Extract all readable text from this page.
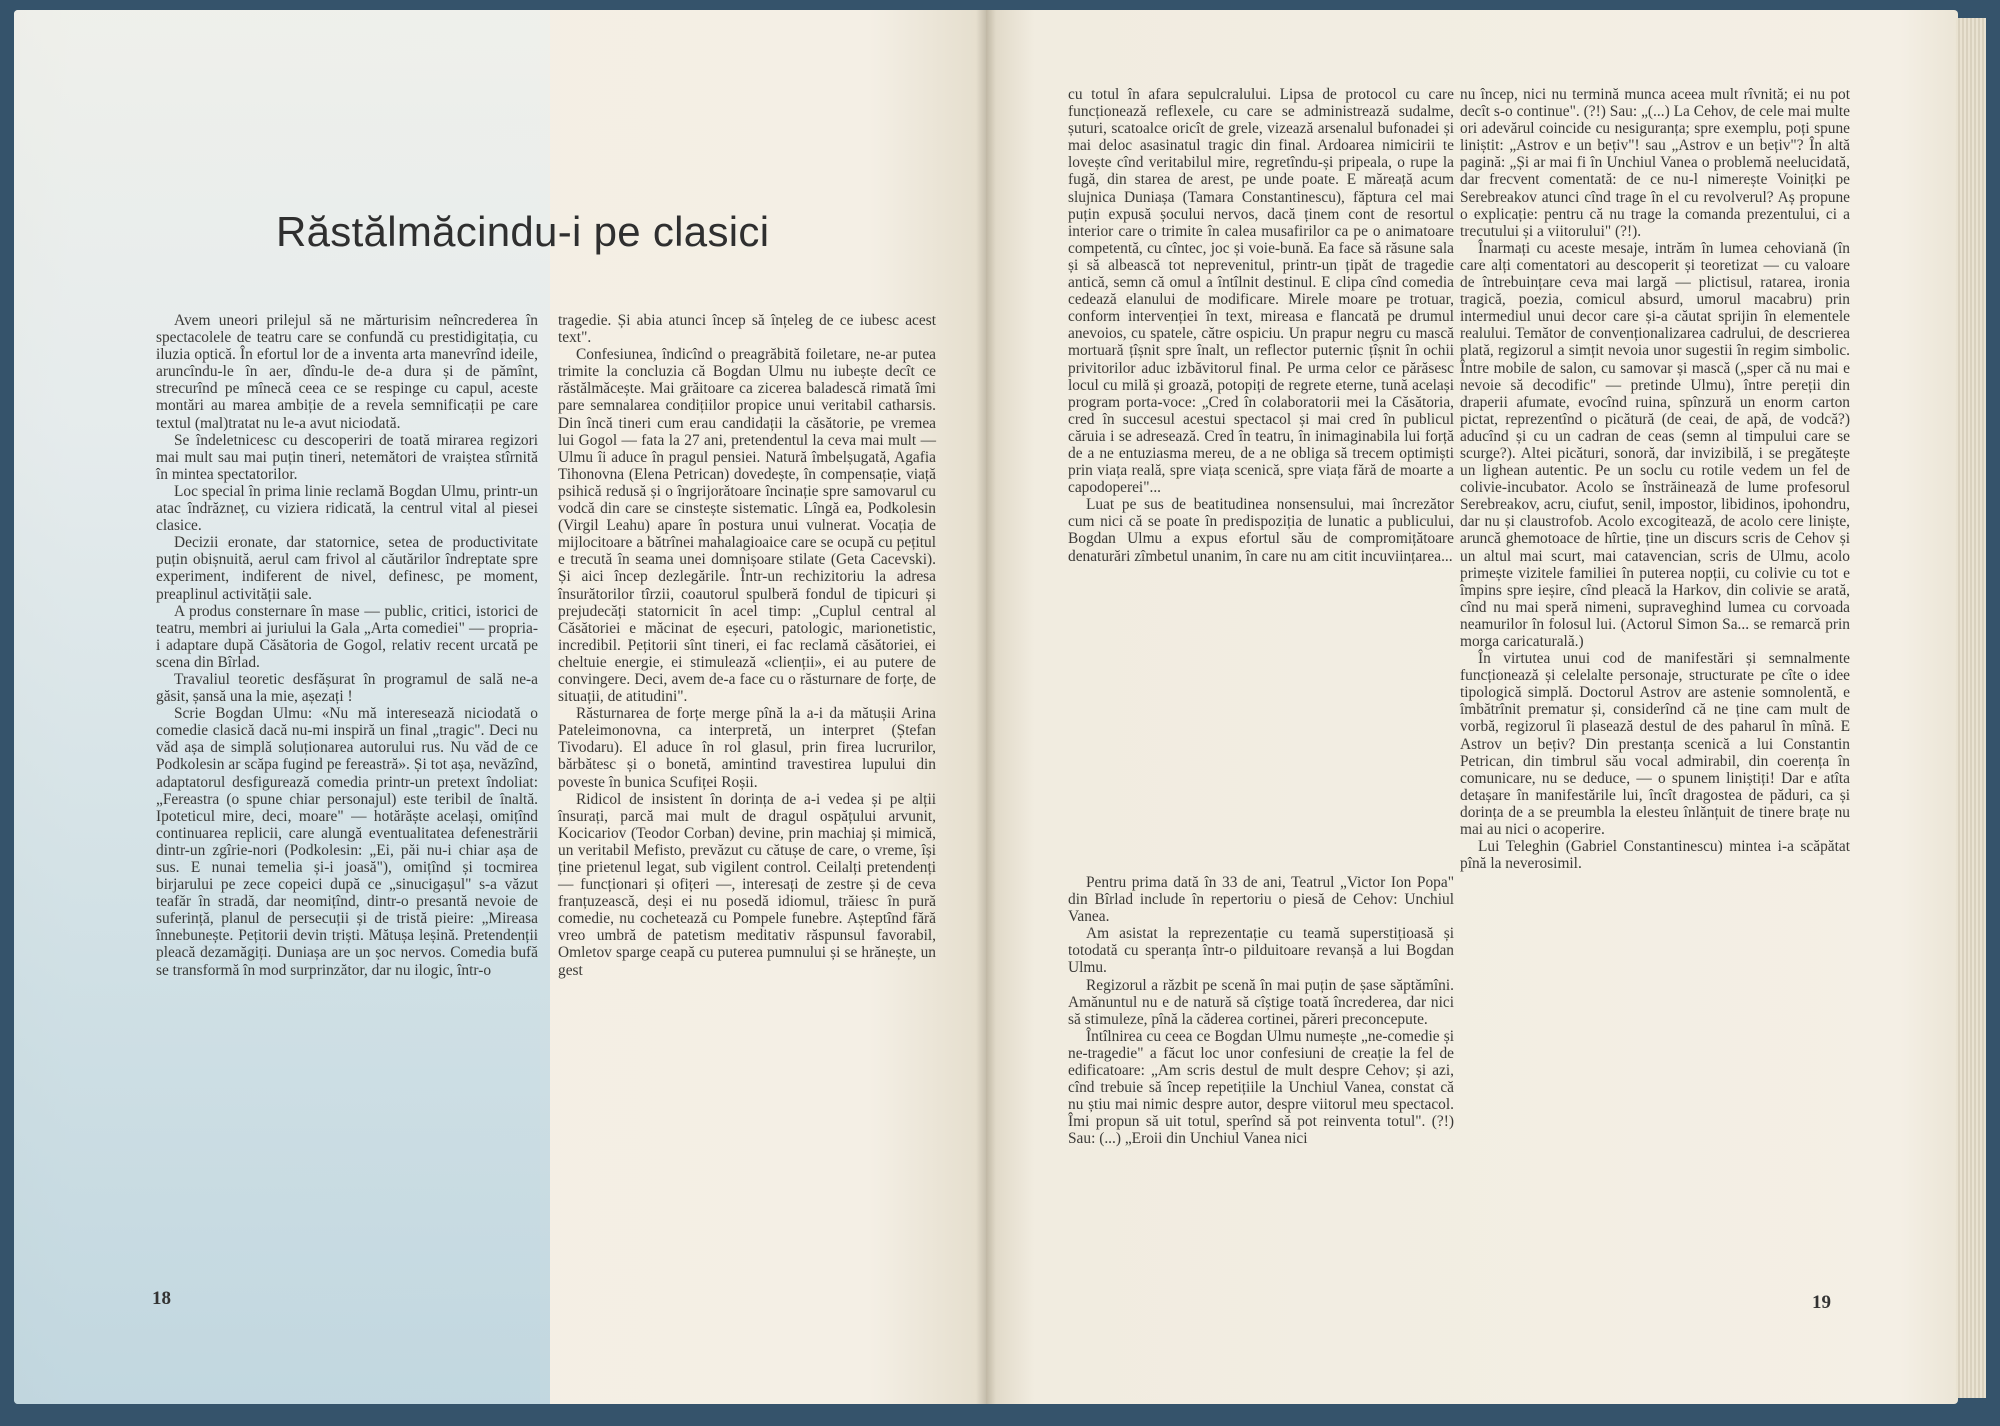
Răstălmăcindu-i pe clasici

Avem uneori prilejul să ne mărturisim neîncrederea în spectacolele de teatru care se confundă cu prestidigitația, cu iluzia optică. În efortul lor de a inventa arta manevrînd ideile, aruncîndu-le în aer, dîndu-le de-a dura și de pămînt, strecurînd pe mînecă ceea ce se respinge cu capul, aceste montări au marea ambiție de a revela semnificații pe care textul (mal)tratat nu le-a avut niciodată.

Se îndeletnicesc cu descoperiri de toată mirarea regizori mai mult sau mai puțin tineri, netemători de vraiștea stîrnită în mintea spectatorilor.

Loc special în prima linie reclamă Bogdan Ulmu, printr-un atac îndrăzneț, cu viziera ridicată, la centrul vital al piesei clasice.

Decizii eronate, dar statornice, setea de productivitate puțin obișnuită, aerul cam frivol al căutărilor îndreptate spre experiment, indiferent de nivel, definesc, pe moment, preaplinul activității sale.

A produs consternare în mase — public, critici, istorici de teatru, membri ai juriului la Gala „Arta comediei" — propria-i adaptare după Căsătoria de Gogol, relativ recent urcată pe scena din Bîrlad.

Travaliul teoretic desfășurat în programul de sală ne-a găsit, șansă una la mie, așezați !

Scrie Bogdan Ulmu: «Nu mă interesează niciodată o comedie clasică dacă nu-mi inspiră un final „tragic". Deci nu văd așa de simplă soluționarea autorului rus. Nu văd de ce Podkolesin ar scăpa fugind pe fereastră». Și tot așa, nevăzînd, adaptatorul desfigurează comedia printr-un pretext îndoliat: „Fereastra (o spune chiar personajul) este teribil de înaltă. Ipoteticul mire, deci, moare" — hotărăște același, omițînd continuarea replicii, care alungă eventualitatea defenestrării dintr-un zgîrie-nori (Podkolesin: „Ei, păi nu-i chiar așa de sus. E nunai temelia și-i joasă"), omițînd și tocmirea birjarului pe zece copeici după ce „sinucigașul" s-a văzut teafăr în stradă, dar neomițînd, dintr-o presantă nevoie de suferință, planul de persecuții și de tristă pieire: „Mireasa înnebunește. Pețitorii devin triști. Mătușa leșină. Pretendenții pleacă dezamăgiți. Duniașa are un șoc nervos. Comedia bufă se transformă în mod surprinzător, dar nu ilogic, într-o

tragedie. Și abia atunci încep să înțeleg de ce iubesc acest text".

Confesiunea, îndicînd o preagrăbită foiletare, ne-ar putea trimite la concluzia că Bogdan Ulmu nu iubește decît ce răstălmăcește. Mai grăitoare ca zicerea baladescă rimată îmi pare semnalarea condițiilor propice unui veritabil catharsis. Din încă tineri cum erau candidații la căsătorie, pe vremea lui Gogol — fata la 27 ani, pretendentul la ceva mai mult — Ulmu îi aduce în pragul pensiei. Natură îmbelșugată, Agafia Tihonovna (Elena Petrican) dovedește, în compensație, viață psihică redusă și o îngrijorătoare încinație spre samovarul cu vodcă din care se cinstește sistematic. Lîngă ea, Podkolesin (Virgil Leahu) apare în postura unui vulnerat. Vocația de mijlocitoare a bătrînei mahalagioaice care se ocupă cu pețitul e trecută în seama unei domnișoare stilate (Geta Cacevski). Și aici încep dezlegările. Într-un rechizitoriu la adresa însurătorilor tîrzii, coautorul spulberă fondul de tipicuri și prejudecăți statornicit în acel timp: „Cuplul central al Căsătoriei e măcinat de eșecuri, patologic, marionetistic, incredibil. Pețitorii sînt tineri, ei fac reclamă căsătoriei, ei cheltuie energie, ei stimulează «clienții», ei au putere de convingere. Deci, avem de-a face cu o răsturnare de forțe, de situații, de atitudini".

Răsturnarea de forțe merge pînă la a-i da mătușii Arina Pateleimonovna, ca interpretă, un interpret (Ștefan Tivodaru). El aduce în rol glasul, prin firea lucrurilor, bărbătesc și o bonetă, amintind travestirea lupului din poveste în bunica Scufiței Roșii.

Ridicol de insistent în dorința de a-i vedea și pe alții însurați, parcă mai mult de dragul ospățului arvunit, Kocicariov (Teodor Corban) devine, prin machiaj și mimică, un veritabil Mefisto, prevăzut cu cătușe de care, o vreme, își ține prietenul legat, sub vigilent control. Ceilalți pretendenți — funcționari și ofițeri —, interesați de zestre și de ceva franțuzească, deși ei nu posedă idiomul, trăiesc în pură comedie, nu cochetează cu Pompele funebre. Așteptînd fără vreo umbră de patetism meditativ răspunsul favorabil, Omletov sparge ceapă cu puterea pumnului și se hrănește, un gest

18

cu totul în afara sepulcralului. Lipsa de protocol cu care funcționează reflexele, cu care se administrează sudalme, șuturi, scatoalce oricît de grele, vizează arsenalul bufonadei și mai deloc asasinatul tragic din final. Ardoarea nimicirii te lovește cînd veritabilul mire, regretîndu-și pripeala, o rupe la fugă, din starea de arest, pe unde poate. E măreață acum slujnica Duniașa (Tamara Constantinescu), făptura cel mai puțin expusă șocului nervos, dacă ținem cont de resortul interior care o trimite în calea musafirilor ca pe o animatoare competentă, cu cîntec, joc și voie-bună. Ea face să răsune sala și să albească tot neprevenitul, printr-un țipăt de tragedie antică, semn că omul a întîlnit destinul. E clipa cînd comedia cedează elanului de modificare. Mirele moare pe trotuar, conform intervenției în text, mireasa e flancată pe drumul anevoios, cu spatele, către ospiciu. Un prapur negru cu mască mortuară țîșnit spre înalt, un reflector puternic țîșnit în ochii privitorilor aduc izbăvitorul final. Pe urma celor ce părăsesc locul cu milă și groază, potopiți de regrete eterne, tună același program porta-voce: „Cred în colaboratorii mei la Căsătoria, cred în succesul acestui spectacol și mai cred în publicul căruia i se adresează. Cred în teatru, în inimaginabila lui forță de a ne entuziasma mereu, de a ne obliga să trecem optimiști prin viața reală, spre viața scenică, spre viața fără de moarte a capodoperei"...

Luat pe sus de beatitudinea nonsensului, mai încrezător cum nici că se poate în predispoziția de lunatic a publicului, Bogdan Ulmu a expus efortul său de compromițătoare denaturări zîmbetul unanim, în care nu am citit incuviințarea...

Pentru prima dată în 33 de ani, Teatrul „Victor Ion Popa" din Bîrlad include în repertoriu o piesă de Cehov: Unchiul Vanea.

Am asistat la reprezentație cu teamă superstițioasă și totodată cu speranța într-o pilduitoare revanșă a lui Bogdan Ulmu.

Regizorul a răzbit pe scenă în mai puțin de șase săptămîni. Amănuntul nu e de natură să cîștige toată încrederea, dar nici să stimuleze, pînă la căderea cortinei, păreri preconcepute.

Întîlnirea cu ceea ce Bogdan Ulmu numește „ne-comedie și ne-tragedie" a făcut loc unor confesiuni de creație la fel de edificatoare: „Am scris destul de mult despre Cehov; și azi, cînd trebuie să încep repetițiile la Unchiul Vanea, constat că nu știu mai nimic despre autor, despre viitorul meu spectacol. Îmi propun să uit totul, sperînd să pot reinventa totul". (?!) Sau: (...) „Eroii din Unchiul Vanea nici

nu încep, nici nu termină munca aceea mult rîvnită; ei nu pot decît s-o continue". (?!) Sau: „(...) La Cehov, de cele mai multe ori adevărul coincide cu nesiguranța; spre exemplu, poți spune liniștit: „Astrov e un bețiv"! sau „Astrov e un bețiv"? În altă pagină: „Și ar mai fi în Unchiul Vanea o problemă neelucidată, dar frecvent comentată: de ce nu-l nimerește Voinițki pe Serebreakov atunci cînd trage în el cu revolverul? Aș propune o explicație: pentru că nu trage la comanda prezentului, ci a trecutului și a viitorului" (?!).

Înarmați cu aceste mesaje, intrăm în lumea cehoviană (în care alți comentatori au descoperit și teoretizat — cu valoare de întrebuințare ceva mai largă — plictisul, ratarea, ironia tragică, poezia, comicul absurd, umorul macabru) prin intermediul unui decor care și-a căutat sprijin în elementele realului. Temător de convenționalizarea cadrului, de descrierea plată, regizorul a simțit nevoia unor sugestii în regim simbolic. Între mobile de salon, cu samovar și mască („sper că nu mai e nevoie să decodific" — pretinde Ulmu), între pereții din draperii afumate, evocînd ruina, spînzură un enorm carton pictat, reprezentînd o picătură (de ceai, de apă, de vodcă?) aducînd și cu un cadran de ceas (semn al timpului care se scurge?). Altei picături, sonoră, dar invizibilă, i se pregătește un lighean autentic. Pe un soclu cu rotile vedem un fel de colivie-incubator. Acolo se înstrăinează de lume profesorul Serebreakov, acru, ciufut, senil, impostor, libidinos, ipohondru, dar nu și claustrofob. Acolo excogitează, de acolo cere liniște, aruncă ghemotoace de hîrtie, ține un discurs scris de Cehov și un altul mai scurt, mai catavencian, scris de Ulmu, acolo primește vizitele familiei în puterea nopții, cu colivie cu tot e împins spre ieșire, cînd pleacă la Harkov, din colivie se arată, cînd nu mai speră nimeni, supraveghind lumea cu corvoada neamurilor în folosul lui. (Actorul Simon Sa... se remarcă prin morga caricaturală.)

În virtutea unui cod de manifestări și semnalmente funcționează și celelalte personaje, structurate pe cîte o idee tipologică simplă. Doctorul Astrov are astenie somnolentă, e îmbătrînit prematur și, considerînd că ne ține cam mult de vorbă, regizorul îi plasează destul de des paharul în mînă. E Astrov un bețiv? Din prestanța scenică a lui Constantin Petrican, din timbrul său vocal admirabil, din coerența în comunicare, nu se deduce, — o spunem liniștiți! Dar e atîta detașare în manifestările lui, încît dragostea de păduri, ca și dorința de a se preumbla la elesteu înlănțuit de tinere brațe nu mai au nici o acoperire.

Lui Teleghin (Gabriel Constantinescu) mintea i-a scăpătat pînă la neverosimil.

19
